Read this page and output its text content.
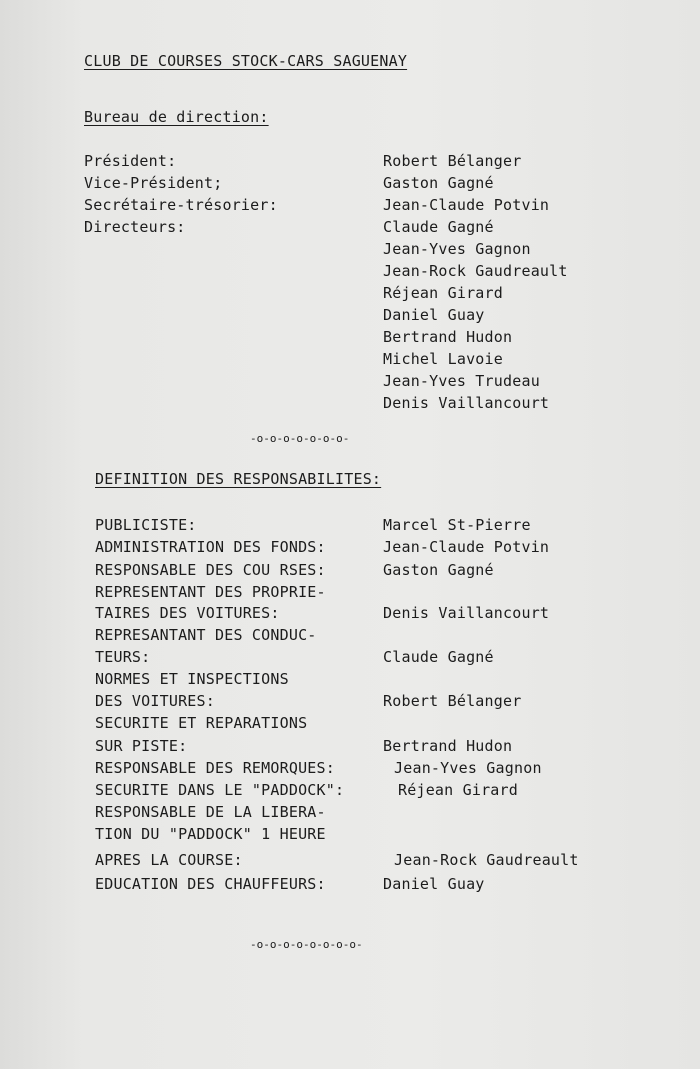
CLUB DE COURSES STOCK-CARS SAGUENAY
Bureau de direction:
Président:	Robert Bélanger
Vice-Président;	Gaston Gagné
Secrétaire-trésorier:	Jean-Claude Potvin
Directeurs:	Claude Gagné
Jean-Yves Gagnon
Jean-Rock Gaudreault
Réjean Girard
Daniel Guay
Bertrand Hudon
Michel Lavoie
Jean-Yves Trudeau
Denis Vaillancourt
-o-o-o-o-o-o-o-
DEFINITION DES RESPONSABILITES:
PUBLICISTE:	Marcel St-Pierre
ADMINISTRATION DES FONDS:	Jean-Claude Potvin
RESPONSABLE DES COU RSES:	Gaston Gagné
REPRESENTANT DES PROPRIE-
TAIRES DES VOITURES:	Denis Vaillancourt
REPRESANTANT DES CONDUC-
TEURS:	Claude Gagné
NORMES ET INSPECTIONS
DES VOITURES:	Robert Bélanger
SECURITE ET REPARATIONS
SUR PISTE:	Bertrand Hudon
RESPONSABLE DES REMORQUES:	Jean-Yves Gagnon
SECURITE DANS LE "PADDOCK":	Réjean Girard
RESPONSABLE DE LA LIBERA-
TION DU "PADDOCK" 1 HEURE
APRES LA COURSE:	Jean-Rock Gaudreault
EDUCATION DES CHAUFFEURS:	Daniel Guay
-o-o-o-o-o-o-o-o-
